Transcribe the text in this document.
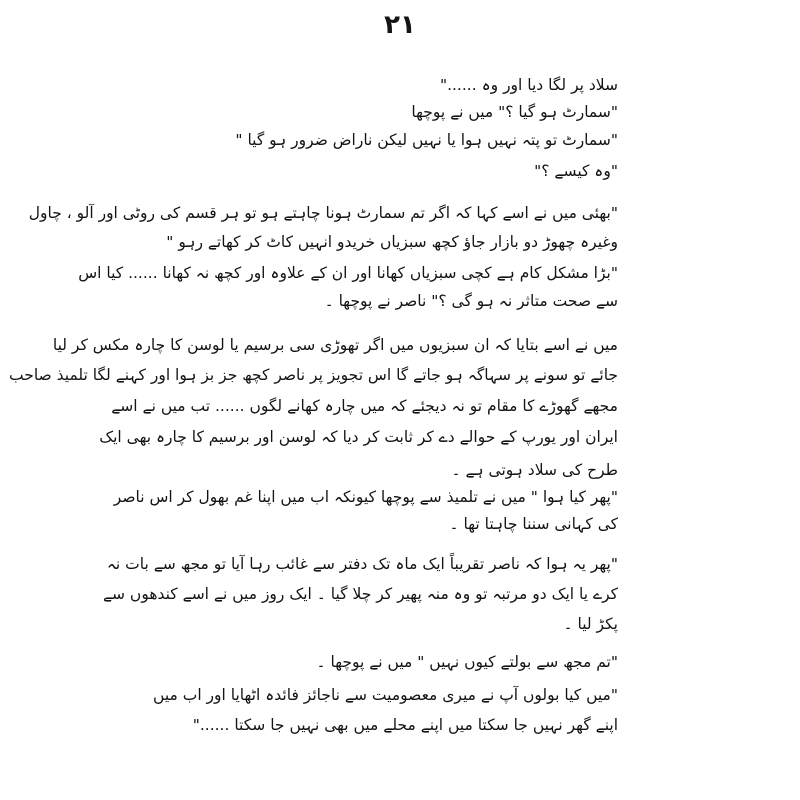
٢١
سلاد پر لگا دیا اور وہ ......"
"سمارٹ ہو گیا ؟" میں نے پوچھا
"سمارٹ تو پتہ نہیں ہوا یا نہیں لیکن ناراض ضرور ہو گیا "
"وہ کیسے ؟"
"بھئی میں نے اسے کہا کہ اگر تم سمارٹ ہونا چاہتے ہو تو ہر قسم کی روٹی اور آلو ، چاول
وغیرہ چھوڑ دو بازار جاؤ کچھ سبزیاں خریدو انہیں کاٹ کر کھاتے رہو "
"بڑا مشکل کام ہے کچی سبزیاں کھانا اور ان کے علاوہ اور کچھ نہ کھانا ...... کیا اس
سے صحت متاثر نہ ہو گی ؟" ناصر نے پوچھا ۔
میں نے اسے بتایا کہ ان سبزیوں میں اگر تھوڑی سی برسیم یا لوسن کا چارہ مکس کر لیا
جائے تو سونے پر سہاگہ ہو جاتے گا اس تجویز پر ناصر کچھ جز بز ہوا اور کہنے لگا تلمیذ صاحب
مجھے گھوڑے کا مقام تو نہ دیجئے کہ میں چارہ کھانے لگوں ...... تب میں نے اسے
ایران اور یورپ کے حوالے دے کر ثابت کر دیا کہ لوسن اور برسیم کا چارہ بھی ایک
طرح کی سلاد ہوتی ہے ۔
"پھر کیا ہوا " میں نے تلمیذ سے پوچھا کیونکہ اب میں اپنا غم بھول کر اس ناصر
کی کہانی سننا چاہتا تھا ۔
"پھر یہ ہوا کہ ناصر تقریباً ایک ماہ تک دفتر سے غائب رہا آیا تو مجھ سے بات نہ
کرے یا ایک دو مرتبہ تو وہ منہ پھیر کر چلا گیا ۔ ایک روز میں نے اسے کندھوں سے
پکڑ لیا ۔
"تم مجھ سے بولتے کیوں نہیں " میں نے پوچھا ۔
"میں کیا بولوں آپ نے میری معصومیت سے ناجائز فائدہ اٹھایا اور اب میں
اپنے گھر نہیں جا سکتا میں اپنے محلے میں بھی نہیں جا سکتا ......"
